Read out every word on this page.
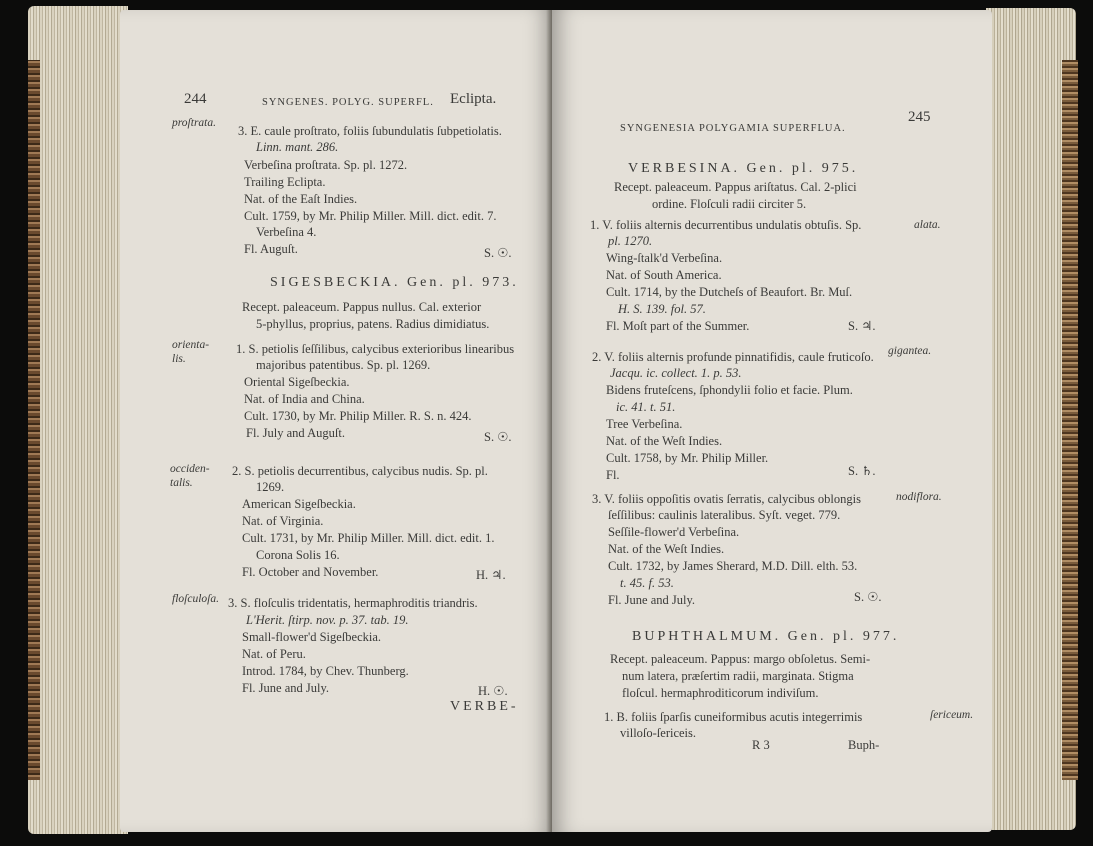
244	SYNGENES. POLYG. SUPERFL. Eclipta.
proſtrata.
3. E. caule proſtrato, foliis ſubundulatis ſubpetiolatis.
Linn. mant. 286.
Verbeſina proſtrata. Sp. pl. 1272.
Trailing Eclipta.
Nat. of the Eaſt Indies.
Cult. 1759, by Mr. Philip Miller. Mill. dict. edit. 7.
Verbeſina 4.
Fl. Auguſt.	S. ☉.
SIGESBECKIA. Gen. pl. 973.
Recept. paleaceum. Pappus nullus. Cal. exterior
5-phyllus, proprius, patens. Radius dimidiatus.
orienta-
lis.
1. S. petiolis ſeſſilibus, calycibus exterioribus linearibus
majoribus patentibus. Sp. pl. 1269.
Oriental Sigeſbeckia.
Nat. of India and China.
Cult. 1730, by Mr. Philip Miller. R. S. n. 424.
Fl. July and Auguſt.	S. ☉.
occiden-
talis.
2. S. petiolis decurrentibus, calycibus nudis. Sp. pl.
1269.
American Sigeſbeckia.
Nat. of Virginia.
Cult. 1731, by Mr. Philip Miller. Mill. dict. edit. 1.
Corona Solis 16.
Fl. October and November.	H. ♃.
floſculoſa. 3. S. floſculis tridentatis, hermaphroditis triandris.
L'Herit. ſtirp. nov. p. 37. tab. 19.
Small-flower'd Sigeſbeckia.
Nat. of Peru.
Introd. 1784, by Chev. Thunberg.
Fl. June and July.	H. ☉.
VERBE-
SYNGENESIA POLYGAMIA SUPERFLUA.
245
VERBESINA. Gen. pl. 975.
Recept. paleaceum. Pappus ariſtatus. Cal. 2-plici
ordine. Floſculi radii circiter 5.
1. V. foliis alternis decurrentibus undulatis obtuſis. Sp.	alata.
pl. 1270.
Wing-ſtalk'd Verbeſina.
Nat. of South America.
Cult. 1714, by the Dutcheſs of Beaufort. Br. Muſ.
H. S. 139. fol. 57.
Fl. Moſt part of the Summer.	S. ♃.
2. V. foliis alternis profunde pinnatifidis, caule fruticoſo. gigantea.
Jacqu. ic. collect. 1. p. 53.
Bidens fruteſcens, ſphondylii folio et facie. Plum.
ic. 41. t. 51.
Tree Verbeſina.
Nat. of the Weſt Indies.
Cult. 1758, by Mr. Philip Miller.
Fl.	S. ♄.
3. V. foliis oppoſitis ovatis ſerratis, calycibus oblongis	nodiflora.
ſeſſilibus: caulinis lateralibus. Syſt. veget. 779.
Seſſile-flower'd Verbeſina.
Nat. of the Weſt Indies.
Cult. 1732, by James Sherard, M.D. Dill. elth. 53.
t. 45. f. 53.
Fl. June and July.	S. ☉.
BUPHTHALMUM. Gen. pl. 977.
Recept. paleaceum. Pappus: margo obſoletus. Semi-
num latera, præſertim radii, marginata. Stigma
floſcul. hermaphroditicorum indiviſum.
1. B. foliis ſparſis cuneiformibus acutis integerrimis	ſericeum.
villoſo-ſericeis.
R 3	Buph-
